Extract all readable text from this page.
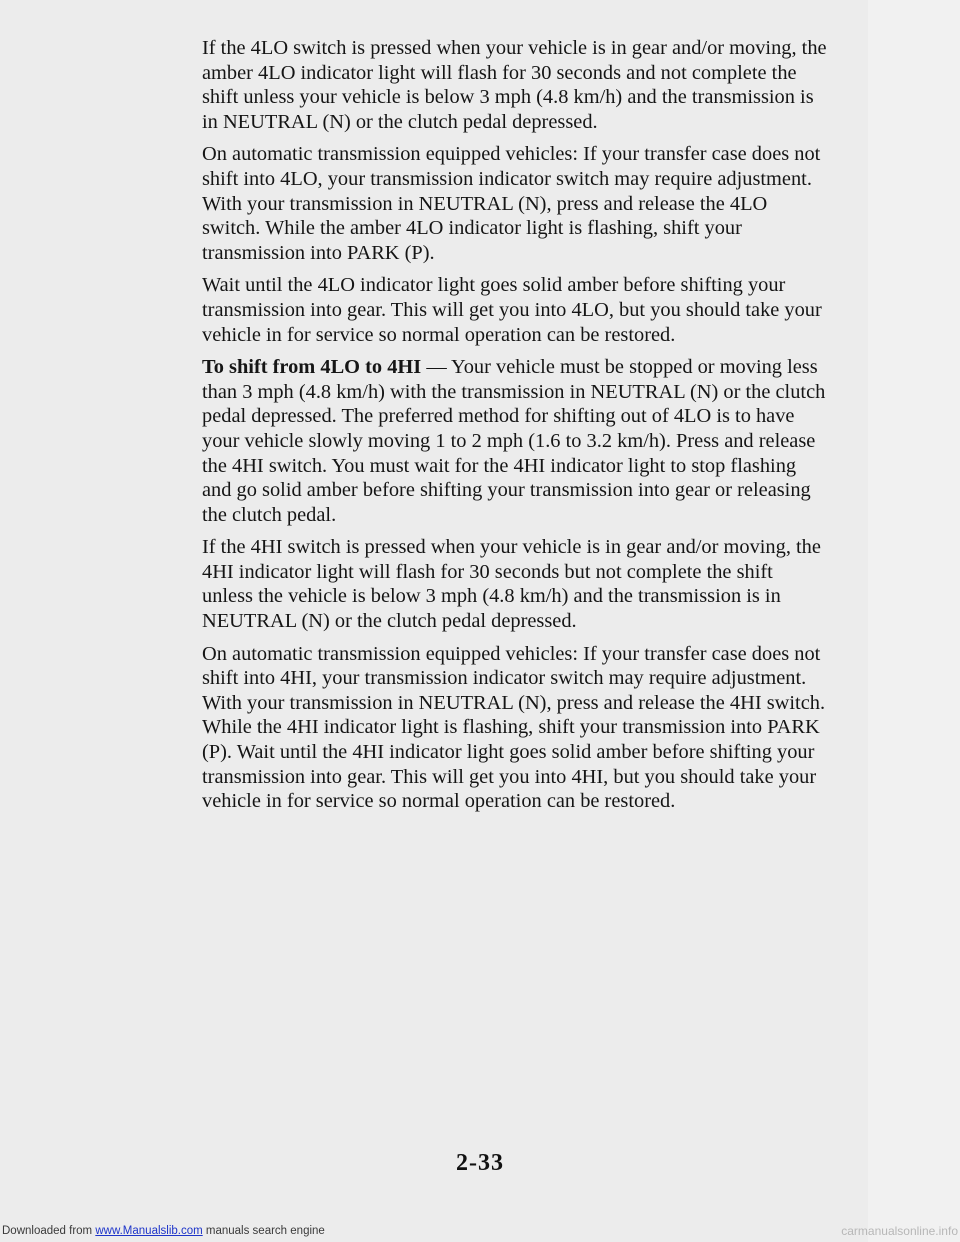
If the 4LO switch is pressed when your vehicle is in gear and/or moving, the
amber 4LO indicator light will flash for 30 seconds and not complete the
shift unless your vehicle is below 3 mph (4.8 km/h) and the transmission is
in NEUTRAL (N) or the clutch pedal depressed.

On automatic transmission equipped vehicles: If your transfer case does not
shift into 4LO, your transmission indicator switch may require adjustment.
With your transmission in NEUTRAL (N), press and release the 4LO
switch. While the amber 4LO indicator light is flashing, shift your
transmission into PARK (P).

Wait until the 4LO indicator light goes solid amber before shifting your
transmission into gear. This will get you into 4LO, but you should take your
vehicle in for service so normal operation can be restored.

To shift from 4LO to 4HI — Your vehicle must be stopped or moving less
than 3 mph (4.8 km/h) with the transmission in NEUTRAL (N) or the clutch
pedal depressed. The preferred method for shifting out of 4LO is to have
your vehicle slowly moving 1 to 2 mph (1.6 to 3.2 km/h). Press and release
the 4HI switch. You must wait for the 4HI indicator light to stop flashing
and go solid amber before shifting your transmission into gear or releasing
the clutch pedal.

If the 4HI switch is pressed when your vehicle is in gear and/or moving, the
4HI indicator light will flash for 30 seconds but not complete the shift
unless the vehicle is below 3 mph (4.8 km/h) and the transmission is in
NEUTRAL (N) or the clutch pedal depressed.

On automatic transmission equipped vehicles: If your transfer case does not
shift into 4HI, your transmission indicator switch may require adjustment.
With your transmission in NEUTRAL (N), press and release the 4HI switch.
While the 4HI indicator light is flashing, shift your transmission into PARK
(P). Wait until the 4HI indicator light goes solid amber before shifting your
transmission into gear. This will get you into 4HI, but you should take your
vehicle in for service so normal operation can be restored.

2-33
Downloaded from www.Manualslib.com manuals search engine	carmanualsonline.info
